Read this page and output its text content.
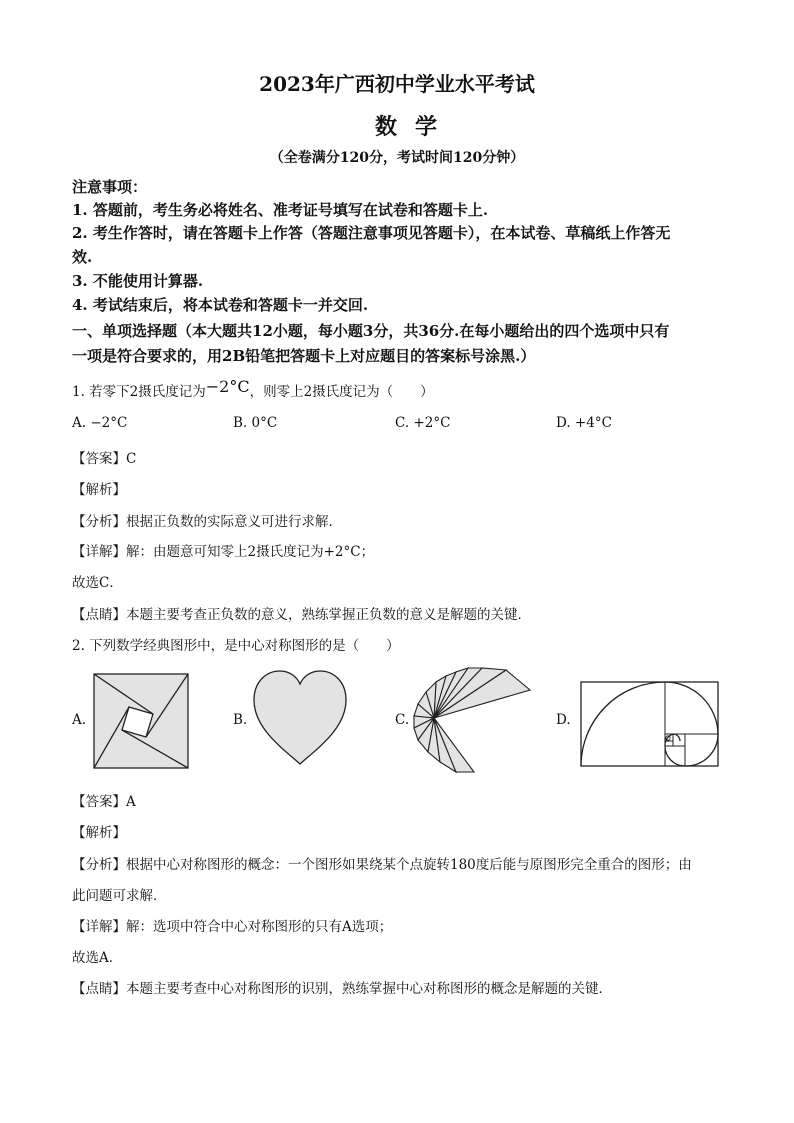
2023年广西初中学业水平考试
数学
（全卷满分120分，考试时间120分钟）
注意事项：
1. 答题前，考生务必将姓名、准考证号填写在试卷和答题卡上.
2. 考生作答时，请在答题卡上作答（答题注意事项见答题卡），在本试卷、草稿纸上作答无
效.
3. 不能使用计算器.
4. 考试结束后，将本试卷和答题卡一并交回.
一、单项选择题（本大题共12小题，每小题3分，共36分.在每小题给出的四个选项中只有
一项是符合要求的，用2B铅笔把答题卡上对应题目的答案标号涂黑.）
1. 若零下2摄氏度记为−2°C，则零上2摄氏度记为（　　）
A. −2°C	B. 0°C	C. +2°C	D. +4°C
【答案】C
【解析】
【分析】根据正负数的实际意义可进行求解．
【详解】解：由题意可知零上2摄氏度记为+2°C；
故选C．
【点睛】本题主要考查正负数的意义，熟练掌握正负数的意义是解题的关键．
2. 下列数学经典图形中，是中心对称图形的是（　　）
A.	B.	C.	D.
【答案】A
【解析】
【分析】根据中心对称图形的概念：一个图形如果绕某个点旋转180度后能与原图形完全重合的图形；由
此问题可求解．
【详解】解：选项中符合中心对称图形的只有A选项；
故选A．
【点睛】本题主要考查中心对称图形的识别，熟练掌握中心对称图形的概念是解题的关键．
